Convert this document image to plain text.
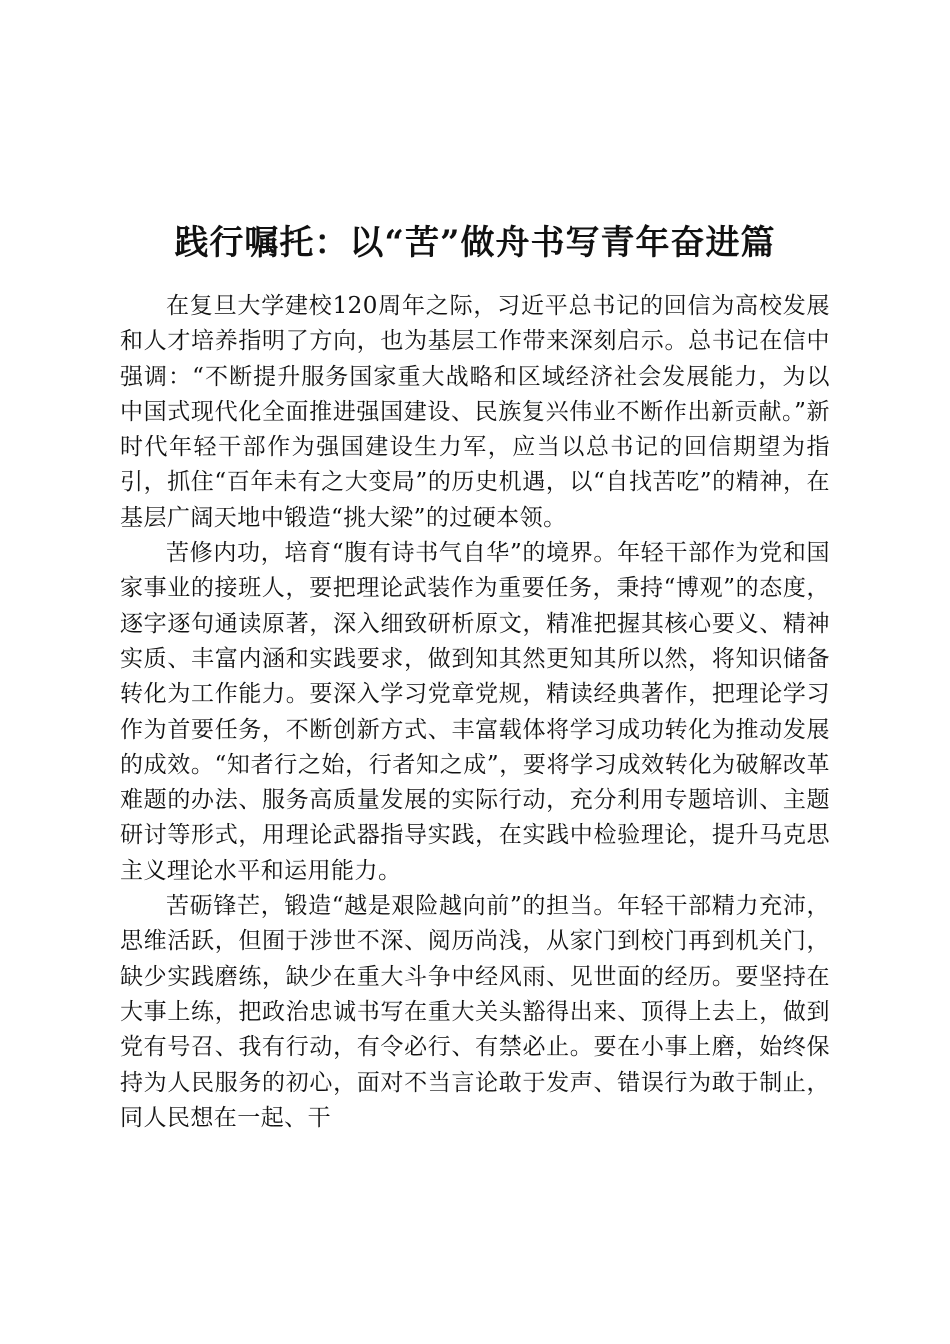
践行嘱托：以“苦”做舟书写青年奋进篇

在复旦大学建校120周年之际，习近平总书记的回信为高校发展和人才培养指明了方向，也为基层工作带来深刻启示。总书记在信中强调：“不断提升服务国家重大战略和区域经济社会发展能力，为以中国式现代化全面推进强国建设、民族复兴伟业不断作出新贡献。”新时代年轻干部作为强国建设生力军，应当以总书记的回信期望为指引，抓住“百年未有之大变局”的历史机遇，以“自找苦吃”的精神，在基层广阔天地中锻造“挑大梁”的过硬本领。

苦修内功，培育“腹有诗书气自华”的境界。年轻干部作为党和国家事业的接班人，要把理论武装作为重要任务，秉持“博观”的态度，逐字逐句通读原著，深入细致研析原文，精准把握其核心要义、精神实质、丰富内涵和实践要求，做到知其然更知其所以然，将知识储备转化为工作能力。要深入学习党章党规，精读经典著作，把理论学习作为首要任务，不断创新方式、丰富载体将学习成功转化为推动发展的成效。“知者行之始，行者知之成”，要将学习成效转化为破解改革难题的办法、服务高质量发展的实际行动，充分利用专题培训、主题研讨等形式，用理论武器指导实践，在实践中检验理论，提升马克思主义理论水平和运用能力。

苦砺锋芒，锻造“越是艰险越向前”的担当。年轻干部精力充沛，思维活跃，但囿于涉世不深、阅历尚浅，从家门到校门再到机关门，缺少实践磨练，缺少在重大斗争中经风雨、见世面的经历。要坚持在大事上练，把政治忠诚书写在重大关头豁得出来、顶得上去上，做到党有号召、我有行动，有令必行、有禁必止。要在小事上磨，始终保持为人民服务的初心，面对不当言论敢于发声、错误行为敢于制止，同人民想在一起、干
